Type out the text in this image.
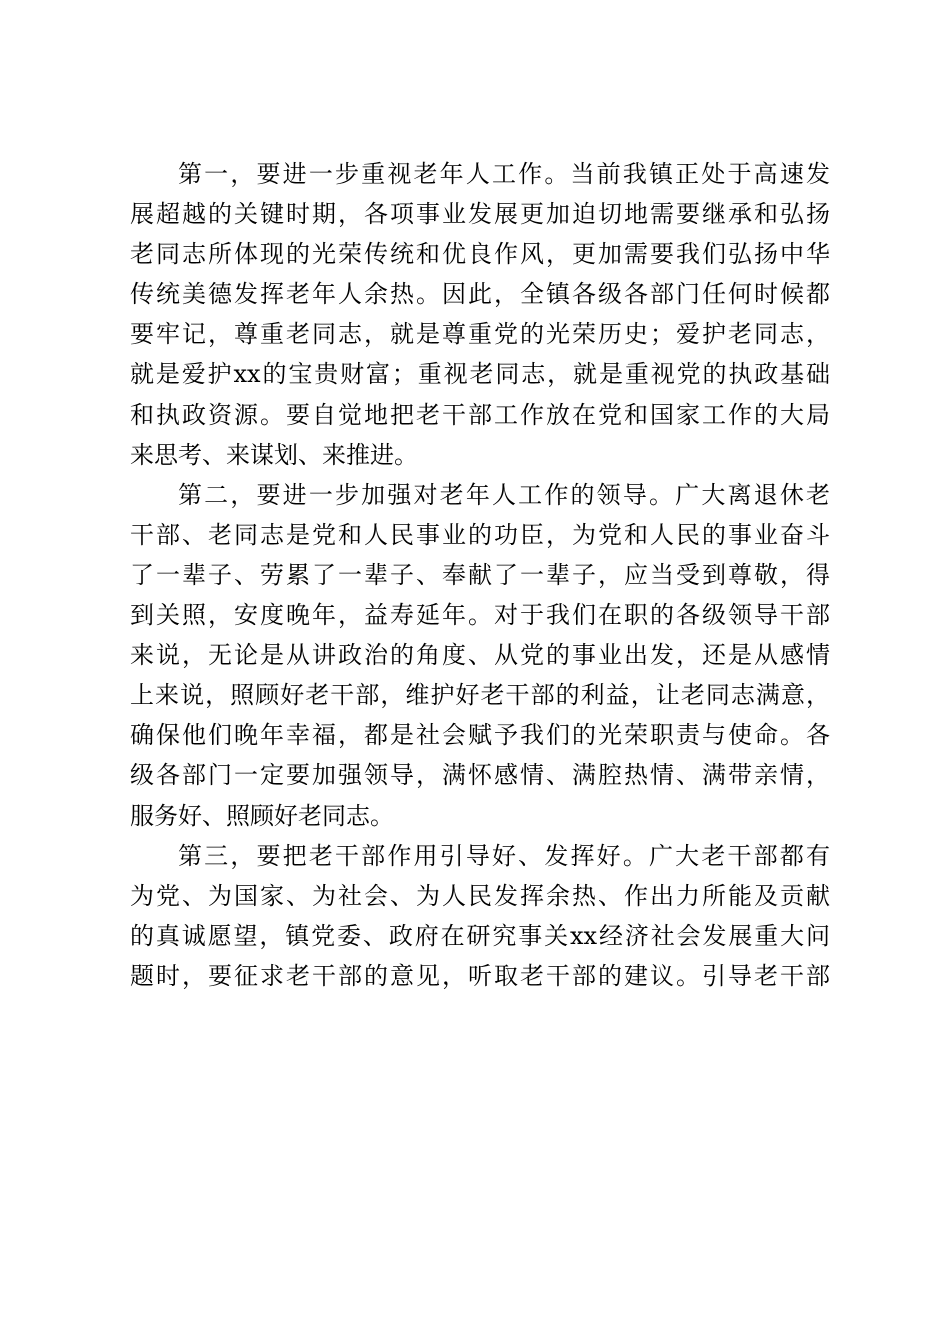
第一，要进一步重视老年人工作。当前我镇正处于高速发
展超越的关键时期，各项事业发展更加迫切地需要继承和弘扬
老同志所体现的光荣传统和优良作风，更加需要我们弘扬中华
传统美德发挥老年人余热。因此，全镇各级各部门任何时候都
要牢记，尊重老同志，就是尊重党的光荣历史；爱护老同志，
就是爱护xx的宝贵财富；重视老同志，就是重视党的执政基础
和执政资源。要自觉地把老干部工作放在党和国家工作的大局
来思考、来谋划、来推进。
第二，要进一步加强对老年人工作的领导。广大离退休老
干部、老同志是党和人民事业的功臣，为党和人民的事业奋斗
了一辈子、劳累了一辈子、奉献了一辈子，应当受到尊敬，得
到关照，安度晚年，益寿延年。对于我们在职的各级领导干部
来说，无论是从讲政治的角度、从党的事业出发，还是从感情
上来说，照顾好老干部，维护好老干部的利益，让老同志满意，
确保他们晚年幸福，都是社会赋予我们的光荣职责与使命。各
级各部门一定要加强领导，满怀感情、满腔热情、满带亲情，
服务好、照顾好老同志。
第三，要把老干部作用引导好、发挥好。广大老干部都有
为党、为国家、为社会、为人民发挥余热、作出力所能及贡献
的真诚愿望，镇党委、政府在研究事关xx经济社会发展重大问
题时，要征求老干部的意见，听取老干部的建议。引导老干部
